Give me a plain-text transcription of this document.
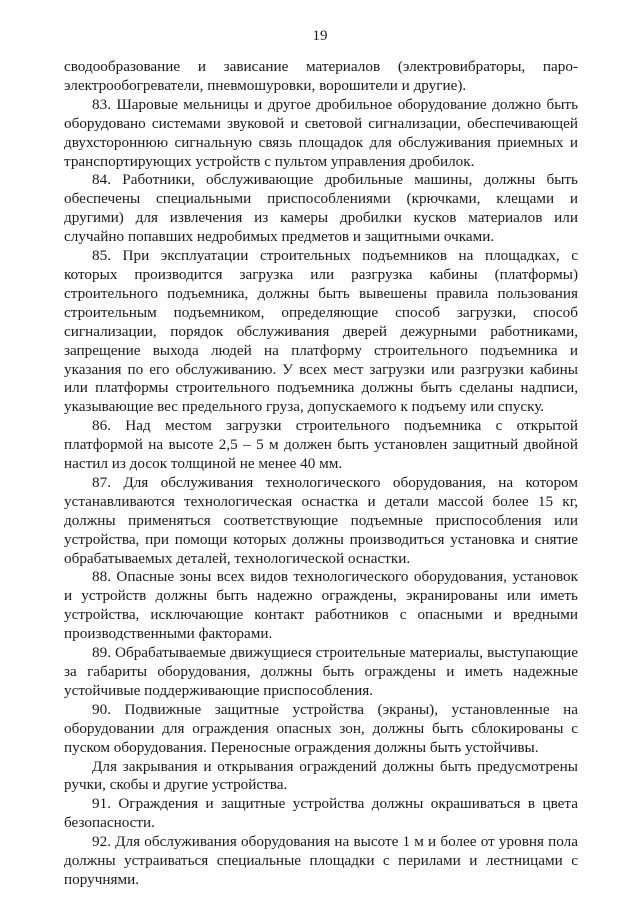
19

сводообразование и зависание материалов (электровибраторы, паро-электрообогреватели, пневмошуровки, ворошители и другие).

83. Шаровые мельницы и другое дробильное оборудование должно быть оборудовано системами звуковой и световой сигнализации, обеспечивающей двухстороннюю сигнальную связь площадок для обслуживания приемных и транспортирующих устройств с пультом управления дробилок.

84. Работники, обслуживающие дробильные машины, должны быть обеспечены специальными приспособлениями (крючками, клещами и другими) для извлечения из камеры дробилки кусков материалов или случайно попавших недробимых предметов и защитными очками.

85. При эксплуатации строительных подъемников на площадках, с которых производится загрузка или разгрузка кабины (платформы) строительного подъемника, должны быть вывешены правила пользования строительным подъемником, определяющие способ загрузки, способ сигнализации, порядок обслуживания дверей дежурными работниками, запрещение выхода людей на платформу строительного подъемника и указания по его обслуживанию. У всех мест загрузки или разгрузки кабины или платформы строительного подъемника должны быть сделаны надписи, указывающие вес предельного груза, допускаемого к подъему или спуску.

86. Над местом загрузки строительного подъемника с открытой платформой на высоте 2,5 – 5 м должен быть установлен защитный двойной настил из досок толщиной не менее 40 мм.

87. Для обслуживания технологического оборудования, на котором устанавливаются технологическая оснастка и детали массой более 15 кг, должны применяться соответствующие подъемные приспособления или устройства, при помощи которых должны производиться установка и снятие обрабатываемых деталей, технологической оснастки.

88. Опасные зоны всех видов технологического оборудования, установок и устройств должны быть надежно ограждены, экранированы или иметь устройства, исключающие контакт работников с опасными и вредными производственными факторами.

89. Обрабатываемые движущиеся строительные материалы, выступающие за габариты оборудования, должны быть ограждены и иметь надежные устойчивые поддерживающие приспособления.

90. Подвижные защитные устройства (экраны), установленные на оборудовании для ограждения опасных зон, должны быть сблокированы с пуском оборудования. Переносные ограждения должны быть устойчивы.

Для закрывания и открывания ограждений должны быть предусмотрены ручки, скобы и другие устройства.

91. Ограждения и защитные устройства должны окрашиваться в цвета безопасности.

92. Для обслуживания оборудования на высоте 1 м и более от уровня пола должны устраиваться специальные площадки с перилами и лестницами с поручнями.
